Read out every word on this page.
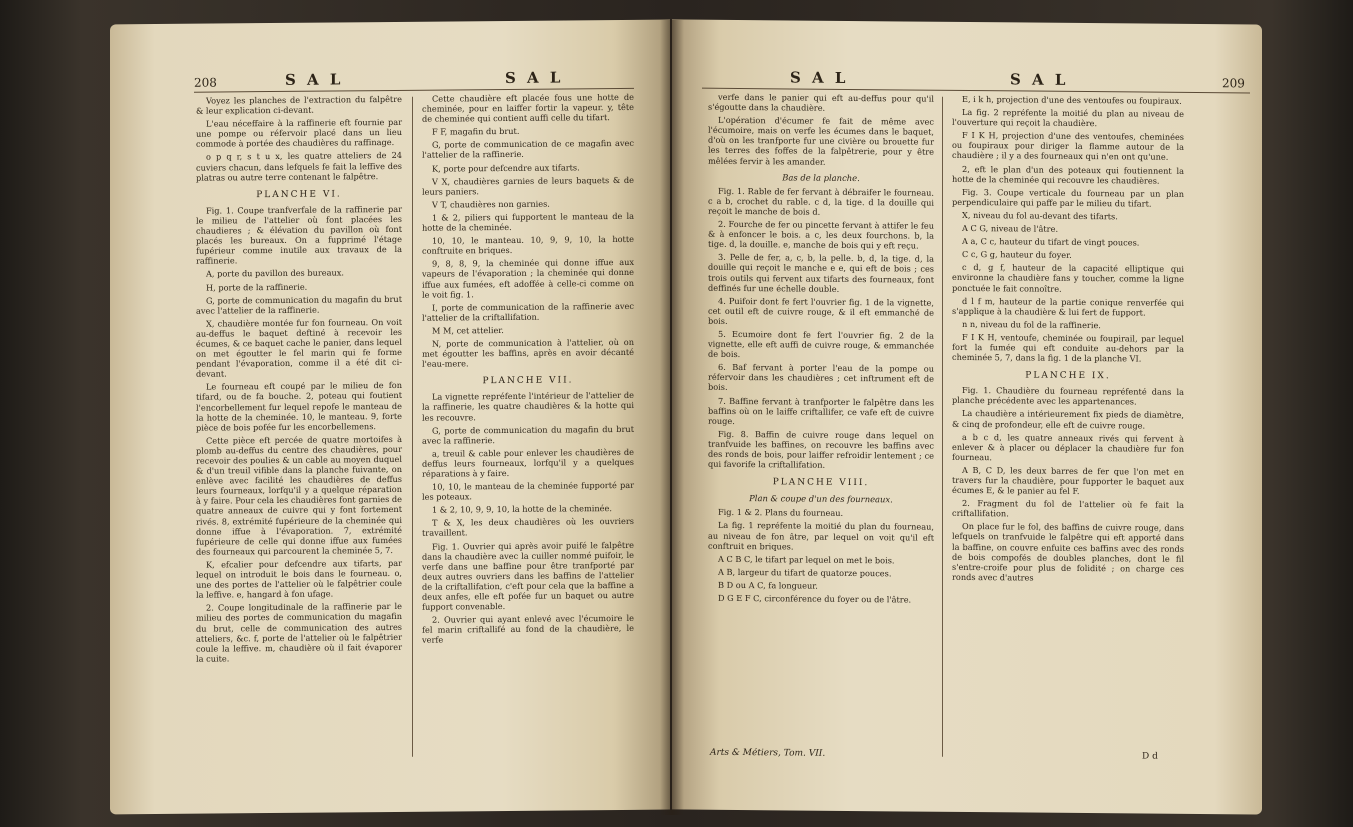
208	S A L	S A L

Voyez les planches de l'extraction du falpêtre & leur explication ci-devant.

L'eau néceffaire à la raffinerie eft fournie par une pompe ou réfervoir placé dans un lieu commode à portée des chaudières du raffinage.

o p q r, s t u x, les quatre atteliers de 24 cuviers chacun, dans lefquels fe fait la leffive des platras ou autre terre contenant le falpêtre.

PLANCHE VI.

Fig. 1. Coupe tranfverfale de la raffinerie par le milieu de l'attelier où font placées les chaudieres ; & élévation du pavillon où font placés les bureaux. On a fupprimé l'étage fupérieur comme inutile aux travaux de la raffinerie.

A, porte du pavillon des bureaux.

H, porte de la raffinerie.

G, porte de communication du magafin du brut avec l'attelier de la raffinerie.

X, chaudière montée fur fon fourneau. On voit au-deffus le baquet deftiné à recevoir les écumes, & ce baquet cache le panier, dans lequel on met égoutter le fel marin qui fe forme pendant l'évaporation, comme il a été dit ci-devant.

Le fourneau eft coupé par le milieu de fon tifard, ou de fa bouche. 2, poteau qui foutient l'encorbellement fur lequel repofe le manteau de la hotte de la cheminée. 10, le manteau. 9, forte pièce de bois pofée fur les encorbellemens.

Cette pièce eft percée de quatre mortoifes à plomb au-deffus du centre des chaudières, pour recevoir des poulies & un cable au moyen duquel & d'un treuil vifible dans la planche fuivante, on enlève avec facilité les chaudières de deffus leurs fourneaux, lorfqu'il y a quelque réparation à y faire. Pour cela les chaudières font garnies de quatre anneaux de cuivre qui y font fortement rivés. 8, extrémité fupérieure de la cheminée qui donne iffue à l'évaporation. 7, extrémité fupérieure de celle qui donne iffue aux fumées des fourneaux qui parcourent la cheminée 5, 7.

K, efcalier pour defcendre aux tifarts, par lequel on introduit le bois dans le fourneau. o, une des portes de l'attelier où le falpêtrier coule la leffive. e, hangard à fon ufage.

2. Coupe longitudinale de la raffinerie par le milieu des portes de communication du magafin du brut, celle de communication des autres atteliers, &c. f, porte de l'attelier où le falpêtrier coule la leffive. m, chaudière où il fait évaporer la cuite.

Cette chaudière eft placée fous une hotte de cheminée, pour en laiffer fortir la vapeur. y, tête de cheminée qui contient auffi celle du tifart.

F F, magafin du brut.

G, porte de communication de ce magafin avec l'attelier de la raffinerie.

K, porte pour defcendre aux tifarts.

V X, chaudières garnies de leurs baquets & de leurs paniers.

V T, chaudières non garnies.

1 & 2, piliers qui fupportent le manteau de la hotte de la cheminée.

10, 10, le manteau. 10, 9, 9, 10, la hotte conftruite en briques.

9, 8, 8, 9, la cheminée qui donne iffue aux vapeurs de l'évaporation ; la cheminée qui donne iffue aux fumées, eft adoffée à celle-ci comme on le voit fig. 1.

I, porte de communication de la raffinerie avec l'attelier de la criftallifation.

M M, cet attelier.

N, porte de communication à l'attelier, où on met égoutter les baffins, après en avoir décanté l'eau-mere.

PLANCHE VII.

La vignette repréfente l'intérieur de l'attelier de la raffinerie, les quatre chaudières & la hotte qui les recouvre.

G, porte de communication du magafin du brut avec la raffinerie.

a, treuil & cable pour enlever les chaudières de deffus leurs fourneaux, lorfqu'il y a quelques réparations à y faire.

10, 10, le manteau de la cheminée fupporté par les poteaux.

1 & 2, 10, 9, 9, 10, la hotte de la cheminée.

T & X, les deux chaudières où les ouvriers travaillent.

Fig. 1. Ouvrier qui après avoir puifé le falpêtre dans la chaudière avec la cuiller nommé puifoir, le verfe dans une baffine pour être tranfporté par deux autres ouvriers dans les baffins de l'attelier de la criftallifation, c'eft pour cela que la baffine a deux anfes, elle eft pofée fur un baquet ou autre fupport convenable.

2. Ouvrier qui ayant enlevé avec l'écumoire le fel marin criftallifé au fond de la chaudière, le verfe

S A L	S A L	209

verfe dans le panier qui eft au-deffus pour qu'il s'égoutte dans la chaudière.

L'opération d'écumer fe fait de même avec l'écumoire, mais on verfe les écumes dans le baquet, d'où on les tranfporte fur une civière ou brouette fur les terres des foffes de la falpêtrerie, pour y être mêlées fervir à les amander.

Bas de la planche.

Fig. 1. Rable de fer fervant à débraifer le fourneau. c a b, crochet du rable. c d, la tige. d la douille qui reçoit le manche de bois d.

2. Fourche de fer ou pincette fervant à attifer le feu & à enfoncer le bois. a c, les deux fourchons. b, la tige. d, la douille. e, manche de bois qui y eft reçu.

3. Pelle de fer, a, c, b, la pelle. b, d, la tige. d, la douille qui reçoit le manche e e, qui eft de bois ; ces trois outils qui fervent aux tifarts des fourneaux, font deffinés fur une échelle double.

4. Puifoir dont fe fert l'ouvrier fig. 1 de la vignette, cet outil eft de cuivre rouge, & il eft emmanché de bois.

5. Ecumoire dont fe fert l'ouvrier fig. 2 de la vignette, elle eft auffi de cuivre rouge, & emmanchée de bois.

6. Baf fervant à porter l'eau de la pompe ou réfervoir dans les chaudières ; cet inftrument eft de bois.

7. Baffine fervant à tranfporter le falpêtre dans les baffins où on le laiffe criftallifer, ce vafe eft de cuivre rouge.

Fig. 8. Baffin de cuivre rouge dans lequel on tranfvuide les baffines, on recouvre les baffins avec des ronds de bois, pour laiffer refroidir lentement ; ce qui favorife la criftallifation.

PLANCHE VIII.
Plan & coupe d'un des fourneaux.

Fig. 1 & 2. Plans du fourneau.

La fig. 1 repréfente la moitié du plan du fourneau, au niveau de fon âtre, par lequel on voit qu'il eft conftruit en briques.

A C B C, le tifart par lequel on met le bois.

A B, largeur du tifart de quatorze pouces.

B D ou A C, fa longueur.

D G E F C, circonférence du foyer ou de l'âtre.

E, i k h, projection d'une des ventoufes ou foupiraux.

La fig. 2 repréfente la moitié du plan au niveau de l'ouverture qui reçoit la chaudière.

F I K H, projection d'une des ventoufes, cheminées ou foupiraux pour diriger la flamme autour de la chaudière ; il y a des fourneaux qui n'en ont qu'une.

2, eft le plan d'un des poteaux qui foutiennent la hotte de la cheminée qui recouvre les chaudières.

Fig. 3. Coupe verticale du fourneau par un plan perpendiculaire qui paffe par le milieu du tifart.

X, niveau du fol au-devant des tifarts.

A C G, niveau de l'âtre.

A a, C c, hauteur du tifart de vingt pouces.

C c, G g, hauteur du foyer.

c d, g f, hauteur de la capacité elliptique qui environne la chaudière fans y toucher, comme la ligne ponctuée le fait connoître.

d l f m, hauteur de la partie conique renverfée qui s'applique à la chaudière & lui fert de fupport.

n n, niveau du fol de la raffinerie.

F I K H, ventoufe, cheminée ou foupirail, par lequel fort la fumée qui eft conduite au-dehors par la cheminée 5, 7, dans la fig. 1 de la planche VI.

PLANCHE IX.

Fig. 1. Chaudière du fourneau repréfenté dans la planche précédente avec les appartenances.

La chaudière a intérieurement fix pieds de diamètre, & cinq de profondeur, elle eft de cuivre rouge.

a b c d, les quatre anneaux rivés qui fervent à enlever & à placer ou déplacer la chaudière fur fon fourneau.

A B, C D, les deux barres de fer que l'on met en travers fur la chaudière, pour fupporter le baquet aux écumes E, & le panier au fel F.

2. Fragment du fol de l'attelier où fe fait la criftallifation.

On place fur le fol, des baffins de cuivre rouge, dans lefquels on tranfvuide le falpêtre qui eft apporté dans la baffine, on couvre enfuite ces baffins avec des ronds de bois compofés de doubles planches, dont le fil s'entre-croife pour plus de folidité ; on charge ces ronds avec d'autres

Arts & Métiers, Tom. VII.	D d
